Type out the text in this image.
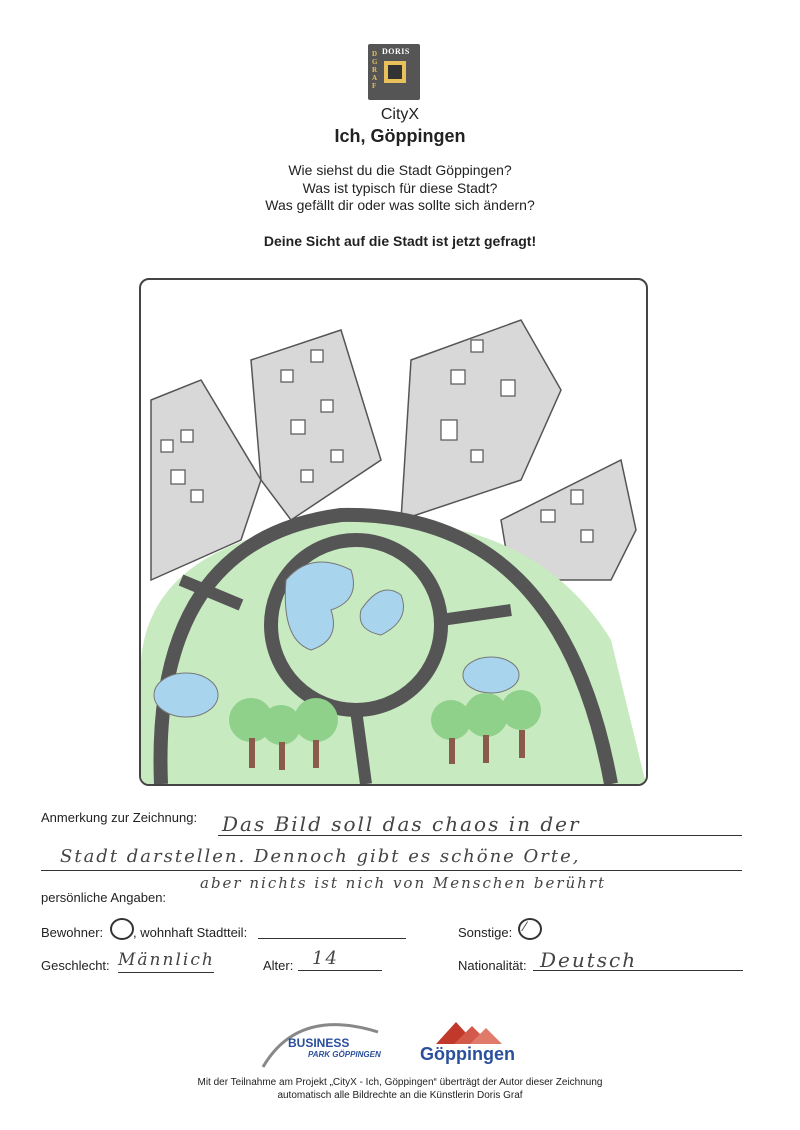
DORIS
D
G
R
A
F
CityX
Ich, Göppingen
Wie siehst du die Stadt Göppingen?
Was ist typisch für diese Stadt?
Was gefällt dir oder was sollte sich ändern?
Deine Sicht auf die Stadt ist jetzt gefragt!
Anmerkung zur Zeichnung: Das Bild soll das chaos in der
Stadt darstellen. Dennoch gibt es schöne Orte,
persönliche Angaben:
aber nichts ist nich von Menschen berührt
Bewohner: , wohnhaft Stadtteil:	Sonstige: ⁄
Geschlecht: Männlich	Alter: 14	Nationalität: Deutsch
BUSINESS
PARK GÖPPINGEN Göppingen
Mit der Teilnahme am Projekt „CityX - Ich, Göppingen“ überträgt der Autor dieser Zeichnung
automatisch alle Bildrechte an die Künstlerin Doris Graf
